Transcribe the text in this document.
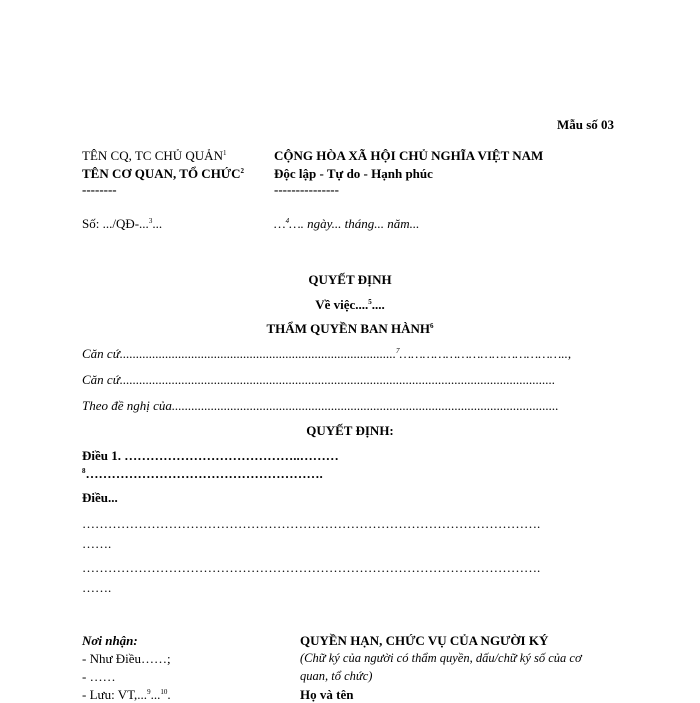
Mẫu số 03
TÊN CQ, TC CHỦ QUẢN$^1$
TÊN CƠ QUAN, TỔ CHỨC$^2$
--------
Số: .../QĐ-...$^3$...
CỘNG HÒA XÃ HỘI CHỦ NGHĨA VIỆT NAM
Độc lập - Tự do - Hạnh phúc
---------------
…$^4$…. ngày... tháng... năm...
QUYẾT ĐỊNH
Về việc....$^5$....
THẨM QUYỀN BAN HÀNH$^6$
Căn cứ.....................................................................................$^7$……………………………………..,
Căn cứ......................................................................................................................................
Theo đề nghị của.......................................................................................................................
QUYẾT ĐỊNH:
Điều 1. …………………………………..………
$^8$……………………………………………….
Điều...
…………………………………………………………………………………………….
…….
…………………………………………………………………………………………….
…….
Nơi nhận:
- Như Điều……;
- ……
- Lưu: VT,...$^9$...$^{10}$.
QUYỀN HẠN, CHỨC VỤ CỦA NGƯỜI KÝ
(Chữ ký của người có thẩm quyền, dấu/chữ ký số của cơ
quan, tổ chức)
Họ và tên
